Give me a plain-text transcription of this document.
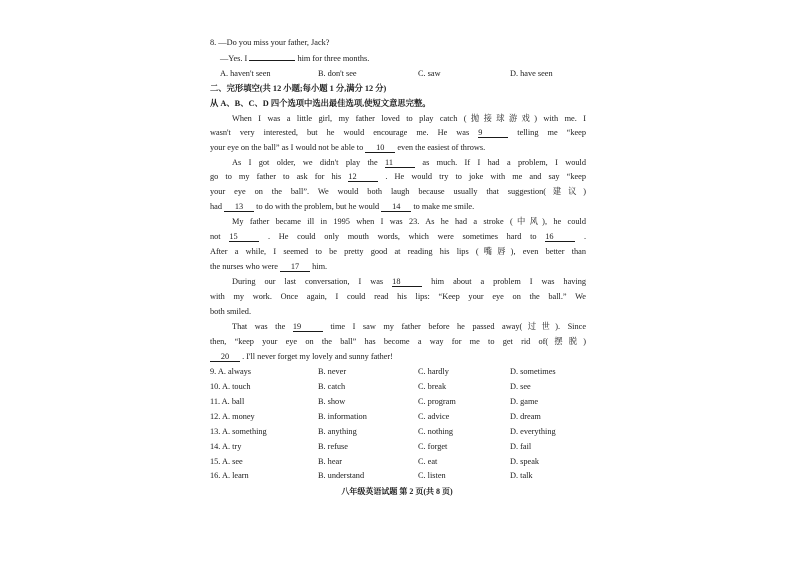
8. —Do you miss your father, Jack?
—Yes. I	him for three months.
A. haven't seen	B. don't see	C. saw	D. have seen
二、完形填空(共 12 小题;每小题 1 分,满分 12 分)
从 A、B、C、D 四个选项中选出最佳选项,使短文意思完整。
When I was a little girl, my father loved to play catch (抛接球游戏) with me. I
wasn't very interested, but he would encourage me. He was 9	telling me “keep
your eye on the ball” as I would not be able to 10 even the easiest of throws.
As I got older, we didn't play the 11	as much. If I had a problem, I would
go to my father to ask for his 12	. He would try to joke with me and say “keep
your eye on the ball”. We would both laugh because usually that suggestion(建议)
had 13 to do with the problem, but he would 14 to make me smile.
My father became ill in 1995 when I was 23. As he had a stroke (中风), he could
not 15	. He could only mouth words, which were sometimes hard to 16	.
After a while, I seemed to be pretty good at reading his lips (嘴唇), even better than
the nurses who were 17 him.
During our last conversation, I was 18	him about a problem I was having
with my work. Once again, I could read his lips: “Keep your eye on the ball.” We
both smiled.
That was the 19	time I saw my father before he passed away(过世). Since
then, “keep your eye on the ball” has become a way for me to get rid of(摆脱)
20 . I'll never forget my lovely and sunny father!
9. A. always	B. never	C. hardly	D. sometimes
10. A. touch	B. catch	C. break	D. see
11. A. ball	B. show	C. program	D. game
12. A. money	B. information	C. advice	D. dream
13. A. something	B. anything	C. nothing	D. everything
14. A. try	B. refuse	C. forget	D. fail
15. A. see	B. hear	C. eat	D. speak
16. A. learn	B. understand	C. listen	D. talk
八年级英语试题 第 2 页(共 8 页)
